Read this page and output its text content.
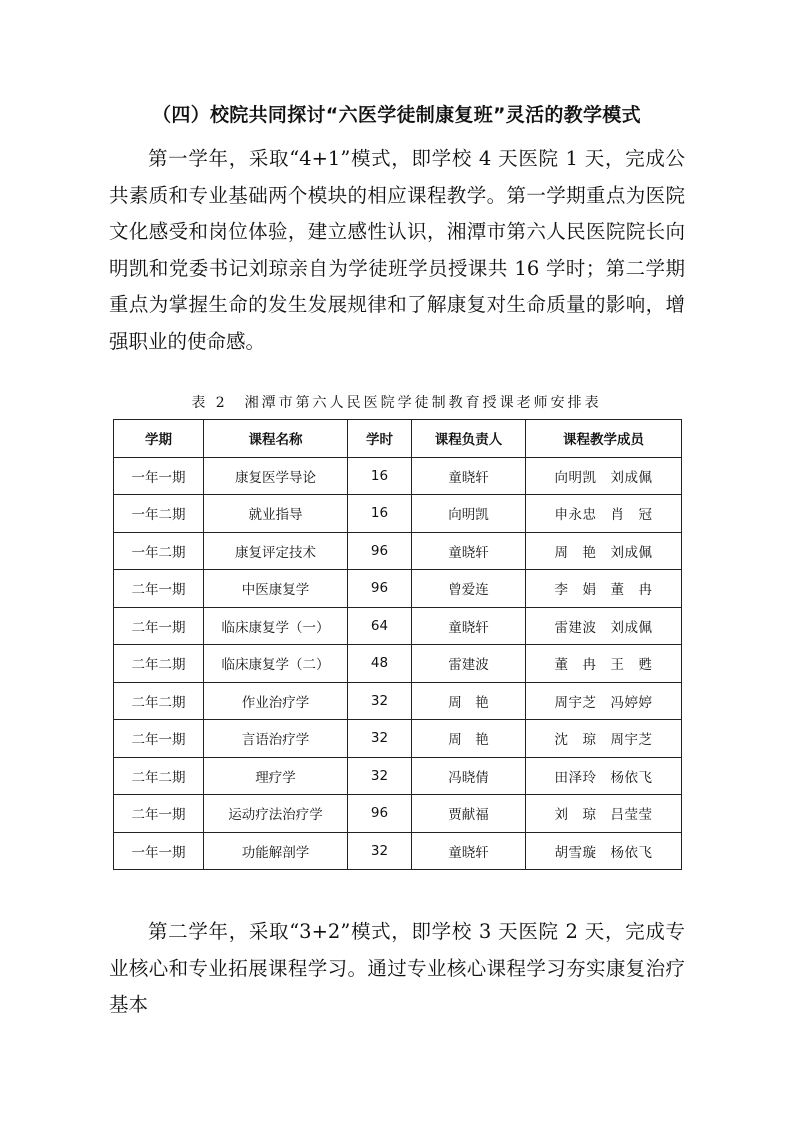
（四）校院共同探讨“六医学徒制康复班”灵活的教学模式

第一学年，采取“4+1”模式，即学校 4 天医院 1 天，完成公共素质和专业基础两个模块的相应课程教学。第一学期重点为医院文化感受和岗位体验，建立感性认识，湘潭市第六人民医院院长向明凯和党委书记刘琼亲自为学徒班学员授课共 16 学时；第二学期重点为掌握生命的发生发展规律和了解康复对生命质量的影响，增强职业的使命感。

表 2　湘潭市第六人民医院学徒制教育授课老师安排表
学期	课程名称	学时	课程负责人	课程教学成员
一年一期	康复医学导论	16	童晓轩	向明凯　刘成佩
一年二期	就业指导	16	向明凯	申永忠　肖　冠
一年二期	康复评定技术	96	童晓轩	周　艳　刘成佩
二年一期	中医康复学	96	曾爱连	李　娟　董　冉
二年一期	临床康复学（一）	64	童晓轩	雷建波　刘成佩
二年二期	临床康复学（二）	48	雷建波	董　冉　王　甦
二年二期	作业治疗学	32	周　艳	周宇芝　冯婷婷
二年一期	言语治疗学	32	周　艳	沈　琼　周宇芝
二年二期	理疗学	32	冯晓倩	田泽玲　杨依飞
二年一期	运动疗法治疗学	96	贾献福	刘　琼　吕莹莹
一年一期	功能解剖学	32	童晓轩	胡雪璇　杨依飞

第二学年，采取“3+2”模式，即学校 3 天医院 2 天，完成专业核心和专业拓展课程学习。通过专业核心课程学习夯实康复治疗基本
